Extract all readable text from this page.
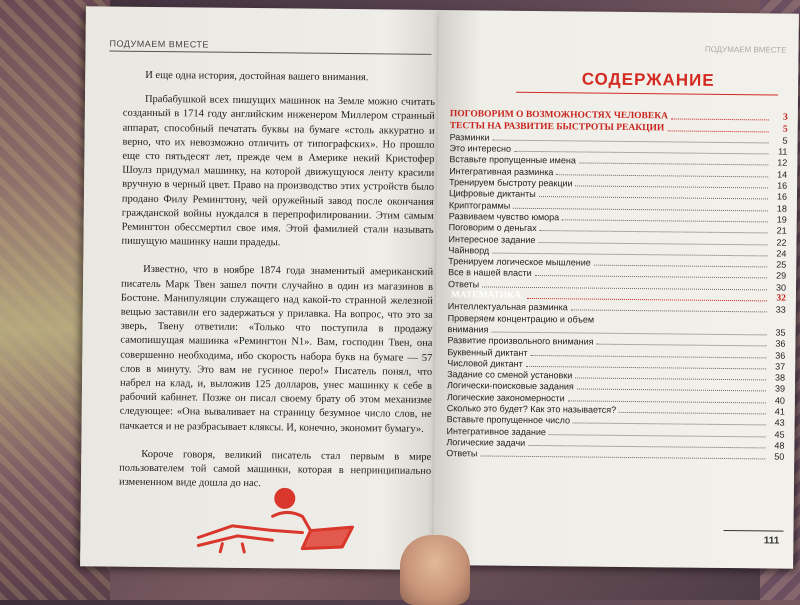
ПОДУМАЕМ ВМЕСТЕ

И еще одна история, достойная вашего внимания.

Прабабушкой всех пишущих машинок на Земле можно считать созданный в 1714 году английским инженером Миллером странный аппарат, способный печатать буквы на бумаге «столь аккуратно и верно, что их невозможно отличить от типографских». Но прошло еще сто пятьдесят лет, прежде чем в Америке некий Кристофер Шоулз придумал машинку, на которой движущуюся ленту красили вручную в черный цвет. Право на производство этих устройств было продано Филу Ремингтону, чей оружейный завод после окончания гражданской войны нуждался в перепрофилировании. Этим самым Ремингтон обессмертил свое имя. Этой фамилией стали называть пишущую машинку наши прадеды.

Известно, что в ноябре 1874 года знаменитый американский писатель Марк Твен зашел почти случайно в один из магазинов в Бостоне. Манипуляции служащего над какой-то странной железной вещью заставили его задержаться у прилавка. На вопрос, что это за зверь, Твену ответили: «Только что поступила в продажу самопишущая машинка «Ремингтон N1». Вам, господин Твен, она совершенно необходима, ибо скорость набора букв на бумаге — 57 слов в минуту. Это вам не гусиное перо!» Писатель понял, что набрел на клад, и, выложив 125 долларов, унес машинку к себе в рабочий кабинет. Позже он писал своему брату об этом механизме следующее: «Она вываливает на страницу безумное число слов, не пачкается и не разбрасывает кляксы. И, конечно, экономит бумагу».

Короче говоря, великий писатель стал первым в мире пользователем той самой машинки, которая в непринципиально измененном виде дошла до нас.

ПОДУМАЕМ ВМЕСТЕ
СОДЕРЖАНИЕ
ПОГОВОРИМ О ВОЗМОЖНОСТЯХ ЧЕЛОВЕКА	3
ТЕСТЫ НА РАЗВИТИЕ БЫСТРОТЫ РЕАКЦИИ	5
Разминки	5
Это интересно	11
Вставьте пропущенные имена	12
Интегративная разминка	14
Тренируем быстроту реакции	16
Цифровые диктанты	16
Криптограммы	18
Развиваем чувство юмора	19
Поговорим о деньгах	21
Интересное задание	22
Чайнворд	24
Тренируем логическое мышление	25
Все в нашей власти	29
Ответы	30
МАТЕМАТИКА	32
Интеллектуальная разминка	33
Проверяем концентрацию и объем
внимания	35
Развитие произвольного внимания	36
Буквенный диктант	36
Числовой диктант	37
Задание со сменой установки	38
Логически-поисковые задания	39
Логические закономерности	40
Сколько это будет? Как это называется?	41
Вставьте пропущенное число	43
Интегративное задание	45
Логические задачи	48
Ответы	50
111
